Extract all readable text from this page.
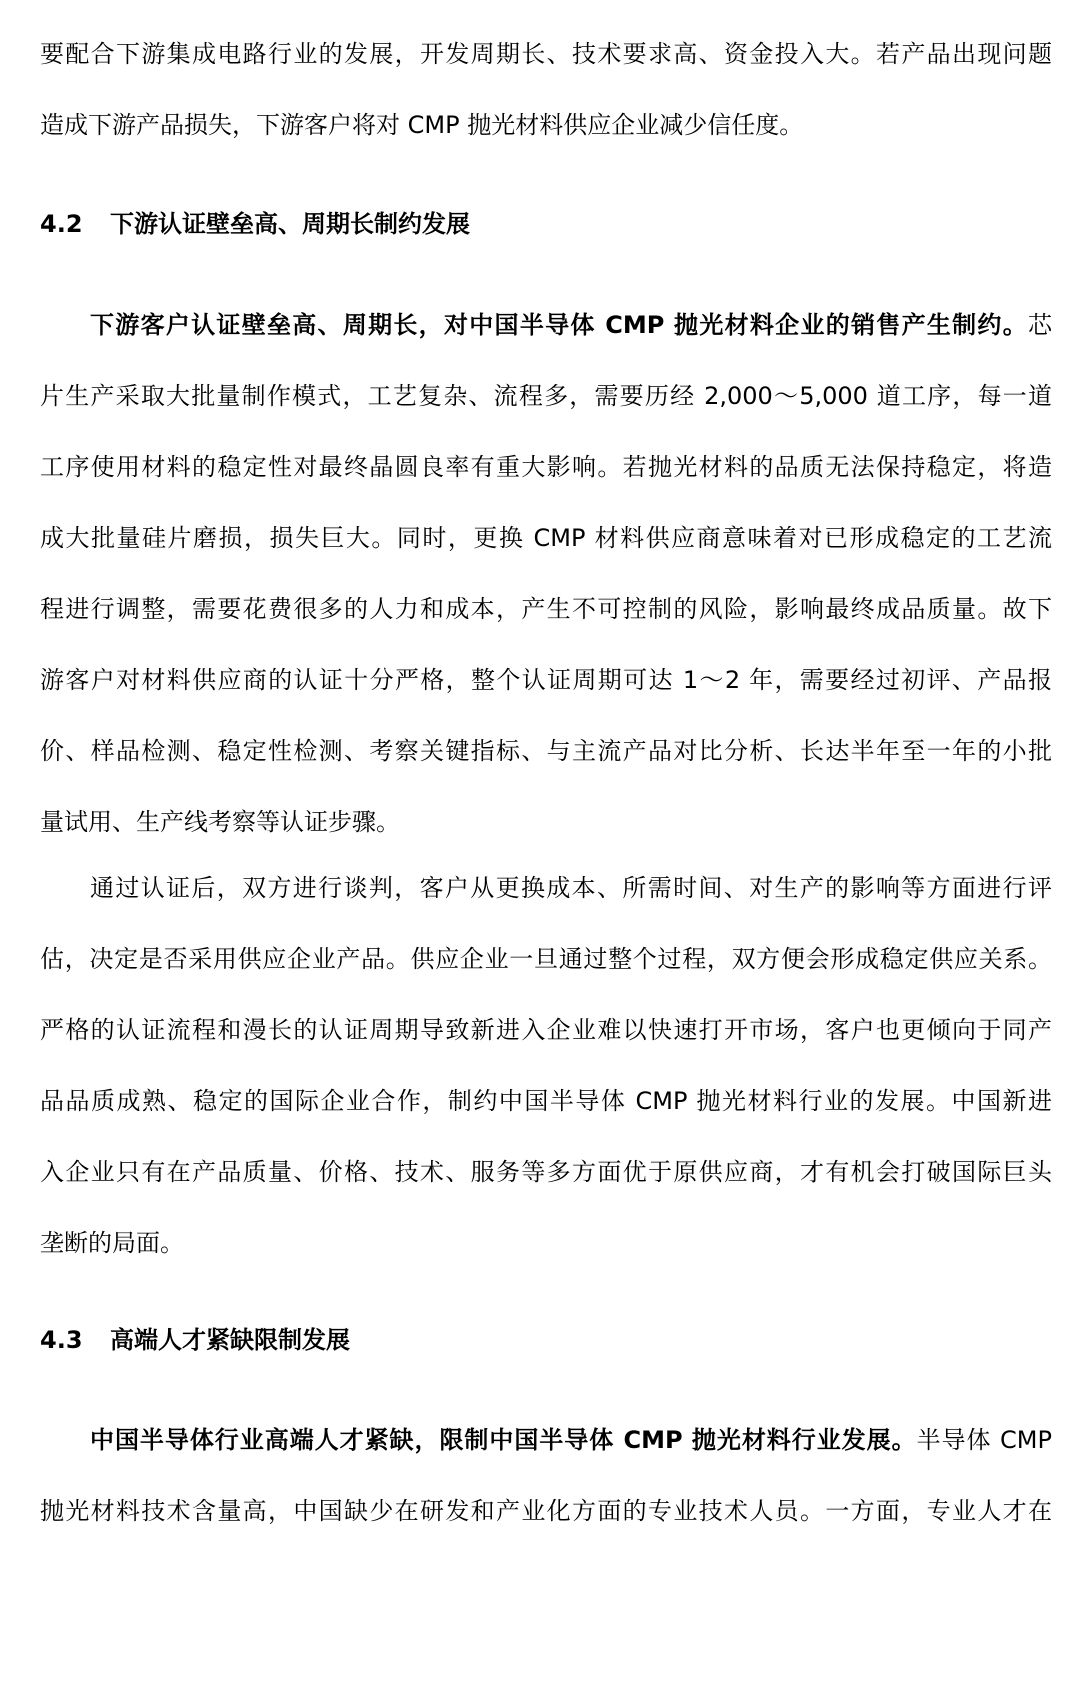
要配合下游集成电路行业的发展，开发周期长、技术要求高、资金投入大。若产品出现问题
造成下游产品损失，下游客户将对 CMP 抛光材料供应企业减少信任度。
4.2 下游认证壁垒高、周期长制约发展
下游客户认证壁垒高、周期长，对中国半导体 CMP 抛光材料企业的销售产生制约。芯
片生产采取大批量制作模式，工艺复杂、流程多，需要历经 2,000～5,000 道工序，每一道
工序使用材料的稳定性对最终晶圆良率有重大影响。若抛光材料的品质无法保持稳定，将造
成大批量硅片磨损，损失巨大。同时，更换 CMP 材料供应商意味着对已形成稳定的工艺流
程进行调整，需要花费很多的人力和成本，产生不可控制的风险，影响最终成品质量。故下
游客户对材料供应商的认证十分严格，整个认证周期可达 1～2 年，需要经过初评、产品报
价、样品检测、稳定性检测、考察关键指标、与主流产品对比分析、长达半年至一年的小批
量试用、生产线考察等认证步骤。
通过认证后，双方进行谈判，客户从更换成本、所需时间、对生产的影响等方面进行评
估，决定是否采用供应企业产品。供应企业一旦通过整个过程，双方便会形成稳定供应关系。
严格的认证流程和漫长的认证周期导致新进入企业难以快速打开市场，客户也更倾向于同产
品品质成熟、稳定的国际企业合作，制约中国半导体 CMP 抛光材料行业的发展。中国新进
入企业只有在产品质量、价格、技术、服务等多方面优于原供应商，才有机会打破国际巨头
垄断的局面。
4.3 高端人才紧缺限制发展
中国半导体行业高端人才紧缺，限制中国半导体 CMP 抛光材料行业发展。半导体 CMP
抛光材料技术含量高，中国缺少在研发和产业化方面的专业技术人员。一方面，专业人才在
